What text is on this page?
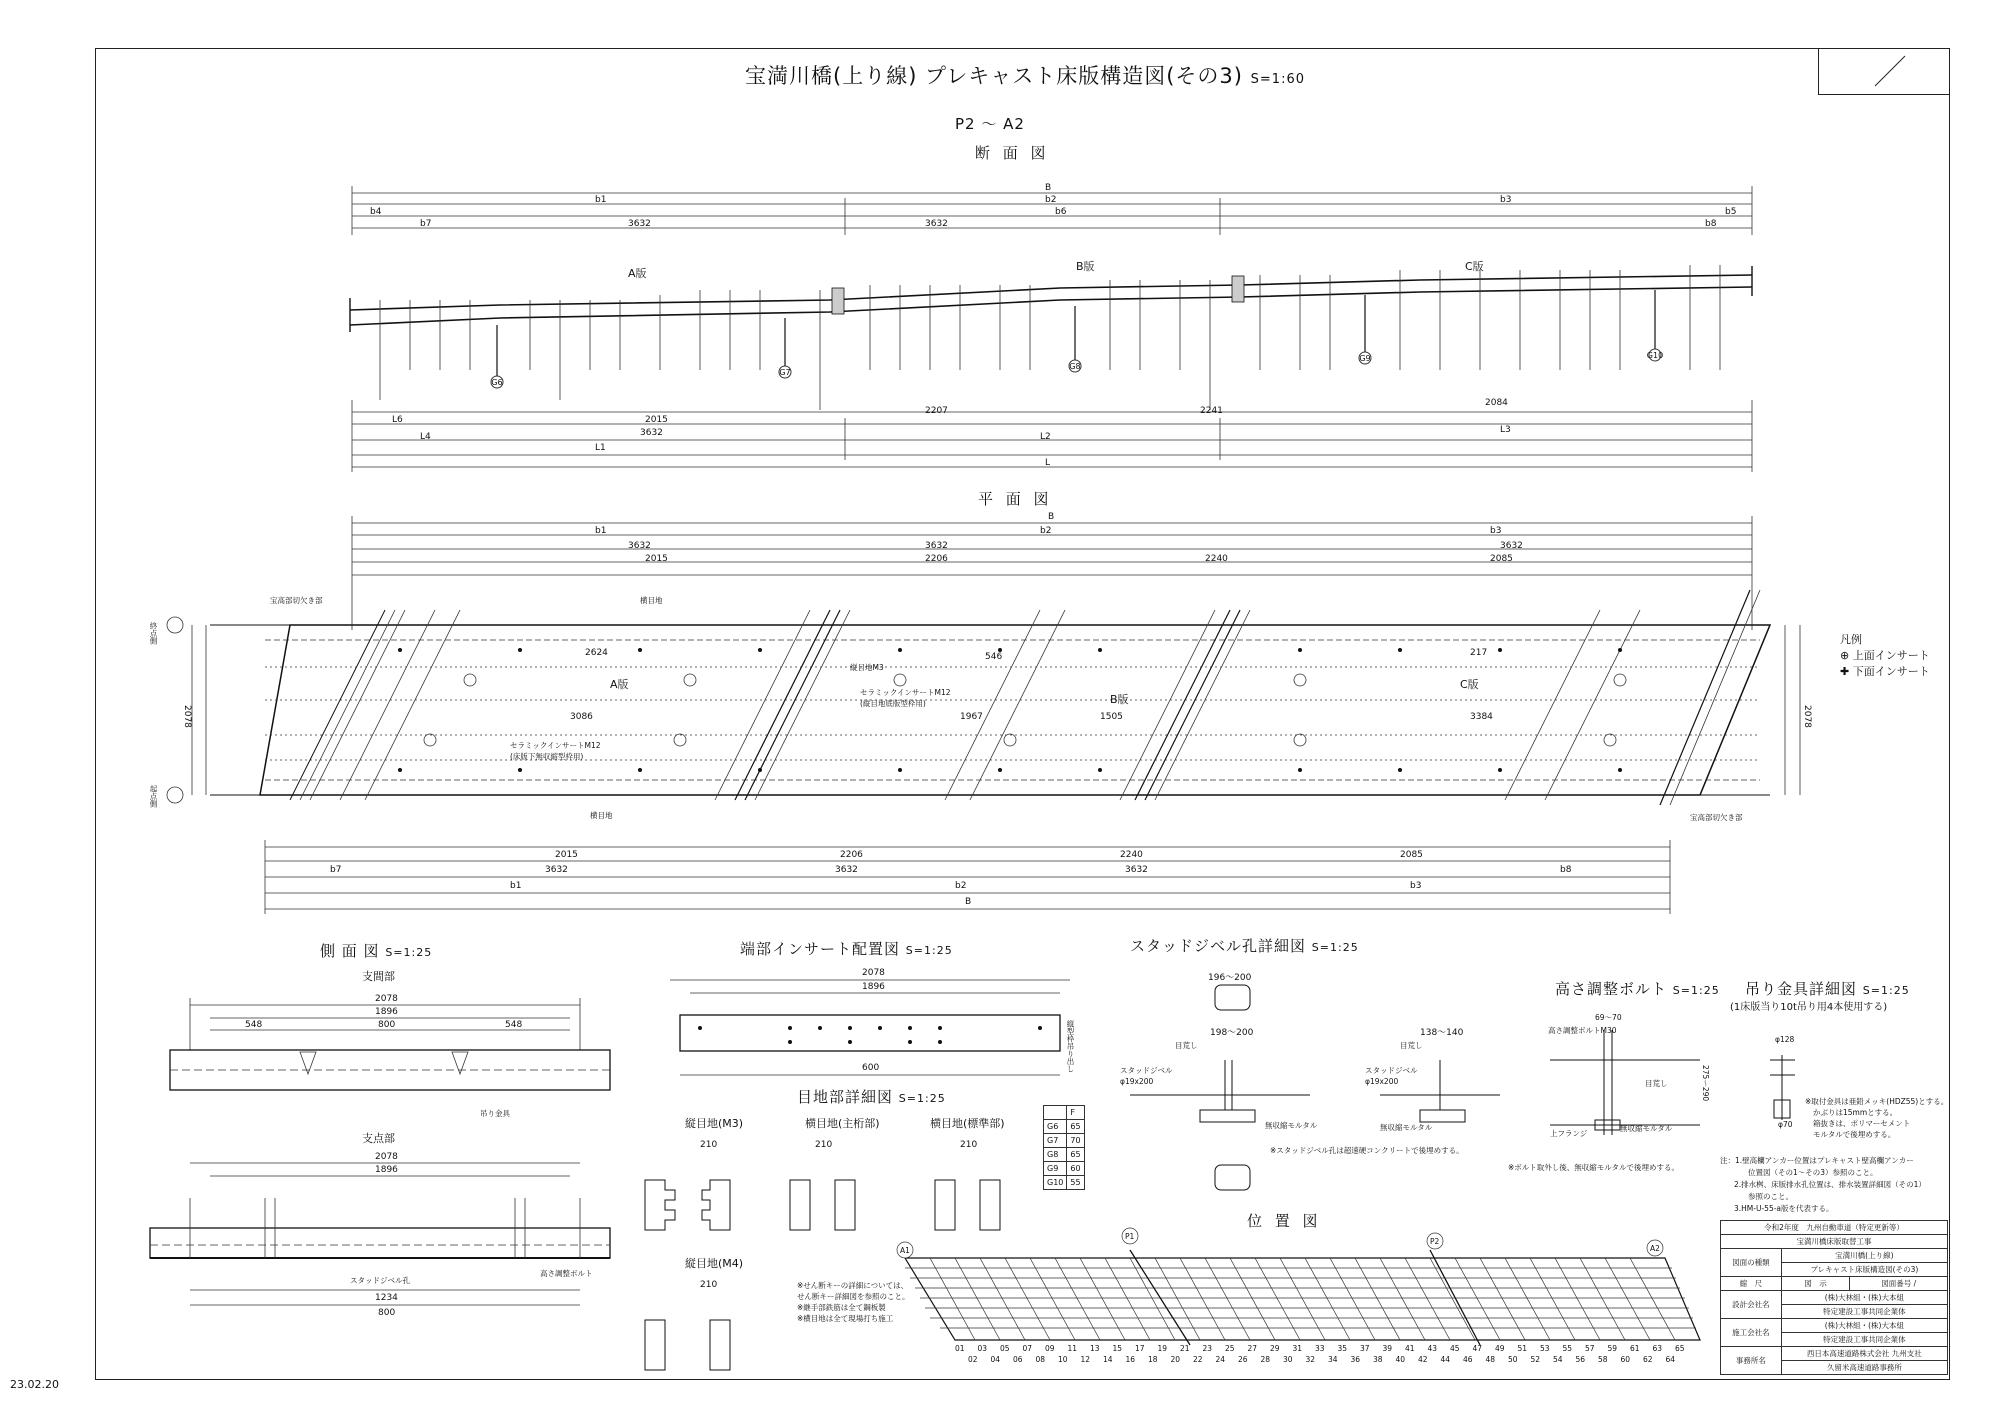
G6
G7
G8
G9	G10
宝満川橋(上り線) プレキャスト床版構造図(その3) S=1:60
P2 ～ A2
断 面 図
B
b1	b2	b3
b4
b7	3632
b6
3632
b5
b8
A版
B版	C版
L6	2015
2207	2241
2084
L4	3632	L2
L3
L1
L
平 面 図
B
b1	b2	b3
3632	3632	3632
2015	2206	2240	2085
終点側
起点側
宝高部切欠き部	横目地
縦目地M3
セラミックインサートM12
(縦目地底版型枠用)
セラミックインサートM12
(床版下無収縮型枠用)
横目地	宝高部切欠き部
A版
B版
C版
2624
3086
546
1967	1505
217
3384
2078	2078
2015	2206	2240	2085
b7	3632	3632	3632	b8
b1	b2	b3
B
凡例
⊕ 上面インサート
✚ 下面インサート
側 面 図 S=1:25
支間部
2078
1896
548	800	548
吊り金具
支点部
2078
1896
1234
800
スタッドジベル孔
高さ調整ボルト
端部インサート配置図 S=1:25
2078
1896
600	縦型枠吊り出し
目地部詳細図 S=1:25
縦目地(M3)
210
横目地(主桁部)
210
横目地(標準部)
210
縦目地(M4)
210	※せん断キーの詳細については、
せん断キー詳細図を参照のこと。
※継手部鉄筋は全て鋼板製
※横目地は全て現場打ち施工
	F
G6	65
G7	70
G8	65
G9	60
G10	55
スタッドジベル孔詳細図 S=1:25
196～200
198～200
目荒し
スタッドジベル
φ19x200
無収縮モルタル
138～140
目荒し
スタッドジベル
φ19x200
無収縮モルタル
※スタッドジベル孔は超速硬コンクリートで後埋めする。
高さ調整ボルト S=1:25
高さ調整ボルトM30
69～70
目荒し	275～290
上フランジ
無収縮モルタル
※ボルト取外し後、無収縮モルタルで後埋めする。
吊り金具詳細図 S=1:25
(1床版当り10t吊り用4本使用する)
φ128
φ70
※取付金具は亜鉛メッキ(HDZ55)とする。
かぶりは15mmとする。
箱抜きは、ポリマーセメント
モルタルで後埋めする。
注：1.壁高欄アンカー位置はプレキャスト壁高欄アンカー
位置図（その1～その3）参照のこと。
2.排水桝、床版排水孔位置は、排水装置詳細図（その1）
参照のこと。
3.HM-U-55-a版を代表する。
位 置 図
A1
P1
P2
A2
01 03 05 07 09 11 13 15 17 19 21 23 25 27 29 31 33 35 37 39 41 43 45 47 49 51 53 55 57 59 61 63 65
02 04 06 08 10 12 14 16 18 20 22 24 26 28 30 32 34 36 38 40 42 44 46 48 50 52 54 56 58 60 62 64
令和2年度　九州自動車道（特定更新等）		
宝満川橋床版取替工事		
図面の種類	宝満川橋(上り線)	
	プレキャスト床版構造図(その3)	
縮　尺	図　示	図面番号 /
設計会社名	(株)大林組・(株)大本組	
	特定建設工事共同企業体	
施工会社名	(株)大林組・(株)大本組	
	特定建設工事共同企業体	
事務所名	西日本高速道路株式会社 九州支社	
	久留米高速道路事務所	
23.02.20
